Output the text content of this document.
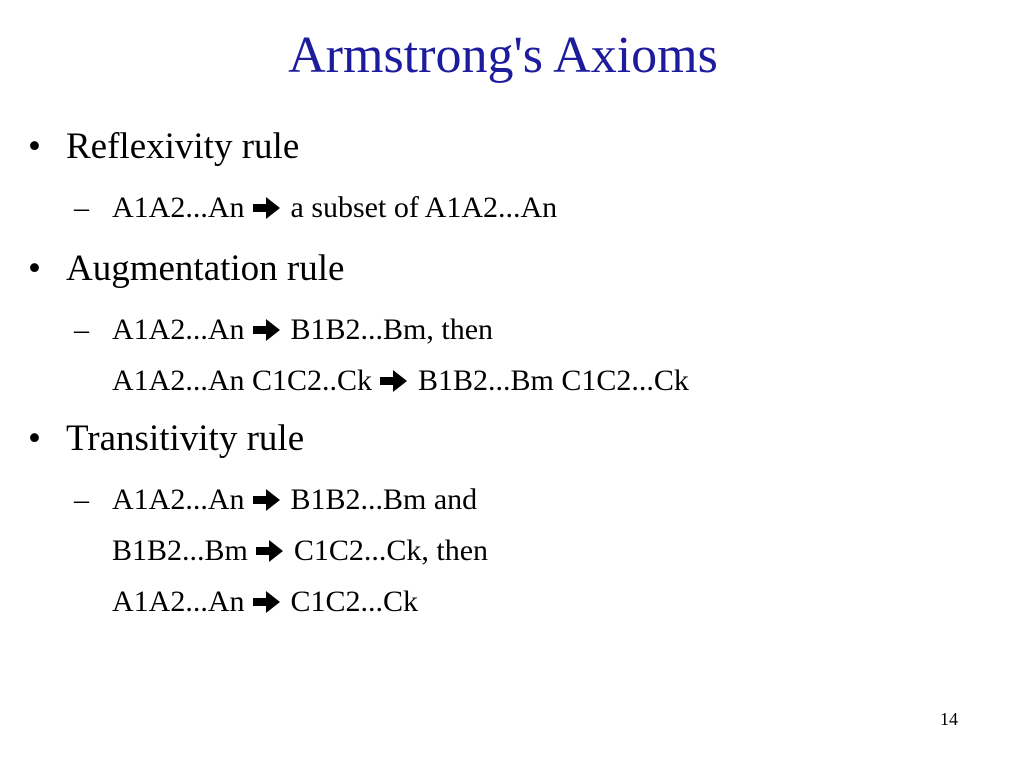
Armstrong's Axioms
• Reflexivity rule
– A1A2...An a subset of A1A2...An
• Augmentation rule
– A1A2...An B1B2...Bm, then
A1A2...An C1C2..Ck B1B2...Bm C1C2...Ck
• Transitivity rule
– A1A2...An B1B2...Bm and
B1B2...Bm C1C2...Ck, then
A1A2...An C1C2...Ck
14
